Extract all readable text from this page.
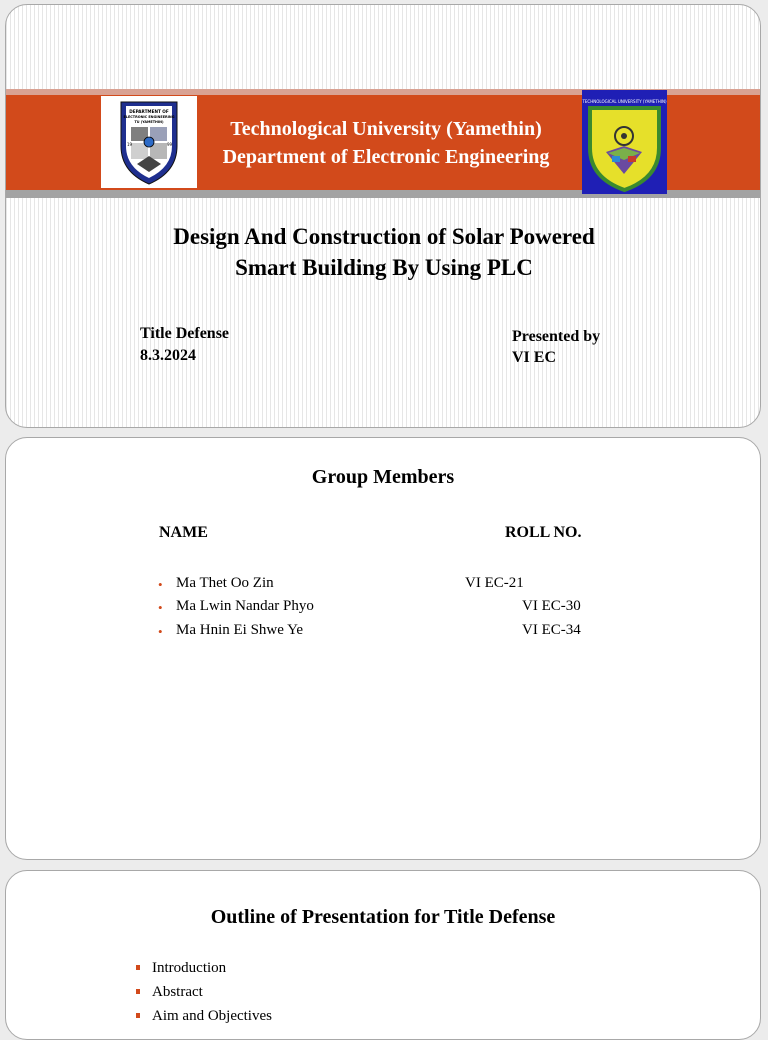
DEPARTMENT OF
ELECTRONIC ENGINEERING
TU (YAMETHIN)
19	99
Technological University (Yamethin)
Department of Electronic Engineering
TECHNOLOGICAL UNIVERSITY (YAMETHIN)
Design And Construction of Solar Powered
Smart Building By Using PLC
Title Defense
8.3.2024
Presented by
VI EC
Group Members
NAME	ROLL NO.
• Ma Thet Oo Zin	VI EC-21
• Ma Lwin Nandar Phyo	VI EC-30
• Ma Hnin Ei Shwe Ye	VI EC-34
Outline of Presentation for Title Defense
Introduction
Abstract
Aim and Objectives
